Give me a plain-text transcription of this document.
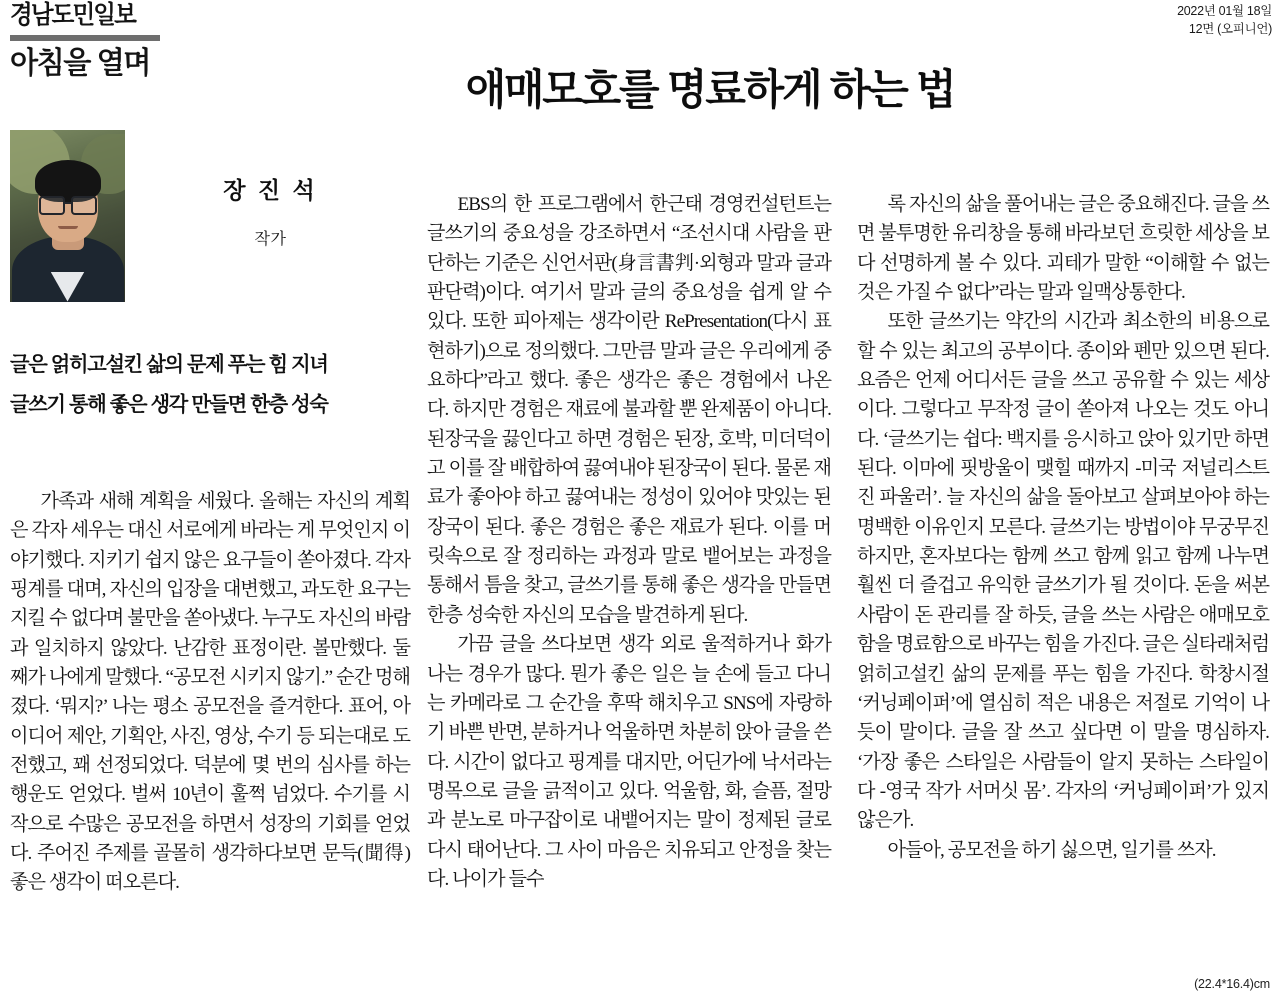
경남도민일보
아침을 열며
2022년 01월 18일
12면 (오피니언)
애매모호를 명료하게 하는 법
장 진 석
작가
글은 얽히고설킨 삶의 문제 푸는 힘 지녀
글쓰기 통해 좋은 생각 만들면 한층 성숙

가족과 새해 계획을 세웠다. 올해는 자신의 계획은 각자 세우는 대신 서로에게 바라는 게 무엇인지 이야기했다. 지키기 쉽지 않은 요구들이 쏟아졌다. 각자 핑계를 대며, 자신의 입장을 대변했고, 과도한 요구는 지킬 수 없다며 불만을 쏟아냈다. 누구도 자신의 바람과 일치하지 않았다. 난감한 표정이란. 볼만했다. 둘째가 나에게 말했다. “공모전 시키지 않기.” 순간 멍해졌다. ‘뭐지?’ 나는 평소 공모전을 즐겨한다. 표어, 아이디어 제안, 기획안, 사진, 영상, 수기 등 되는대로 도전했고, 꽤 선정되었다. 덕분에 몇 번의 심사를 하는 행운도 얻었다. 벌써 10년이 훌쩍 넘었다. 수기를 시작으로 수많은 공모전을 하면서 성장의 기회를 얻었다. 주어진 주제를 골몰히 생각하다보면 문득(聞得) 좋은 생각이 떠오른다.

EBS의 한 프로그램에서 한근태 경영컨설턴트는 글쓰기의 중요성을 강조하면서 “조선시대 사람을 판단하는 기준은 신언서판(身言書判·외형과 말과 글과 판단력)이다. 여기서 말과 글의 중요성을 쉽게 알 수 있다. 또한 피아제는 생각이란 RePresentation(다시 표현하기)으로 정의했다. 그만큼 말과 글은 우리에게 중요하다”라고 했다. 좋은 생각은 좋은 경험에서 나온다. 하지만 경험은 재료에 불과할 뿐 완제품이 아니다. 된장국을 끓인다고 하면 경험은 된장, 호박, 미더덕이고 이를 잘 배합하여 끓여내야 된장국이 된다. 물론 재료가 좋아야 하고 끓여내는 정성이 있어야 맛있는 된장국이 된다. 좋은 경험은 좋은 재료가 된다. 이를 머릿속으로 잘 정리하는 과정과 말로 뱉어보는 과정을 통해서 틈을 찾고, 글쓰기를 통해 좋은 생각을 만들면 한층 성숙한 자신의 모습을 발견하게 된다.

가끔 글을 쓰다보면 생각 외로 울적하거나 화가 나는 경우가 많다. 뭔가 좋은 일은 늘 손에 들고 다니는 카메라로 그 순간을 후딱 해치우고 SNS에 자랑하기 바쁜 반면, 분하거나 억울하면 차분히 앉아 글을 쓴다. 시간이 없다고 핑계를 대지만, 어딘가에 낙서라는 명목으로 글을 긁적이고 있다. 억울함, 화, 슬픔, 절망과 분노로 마구잡이로 내뱉어지는 말이 정제된 글로 다시 태어난다. 그 사이 마음은 치유되고 안정을 찾는다. 나이가 들수

록 자신의 삶을 풀어내는 글은 중요해진다. 글을 쓰면 불투명한 유리창을 통해 바라보던 흐릿한 세상을 보다 선명하게 볼 수 있다. 괴테가 말한 “이해할 수 없는 것은 가질 수 없다”라는 말과 일맥상통한다.

또한 글쓰기는 약간의 시간과 최소한의 비용으로 할 수 있는 최고의 공부이다. 종이와 펜만 있으면 된다. 요즘은 언제 어디서든 글을 쓰고 공유할 수 있는 세상이다. 그렇다고 무작정 글이 쏟아져 나오는 것도 아니다. ‘글쓰기는 쉽다: 백지를 응시하고 앉아 있기만 하면 된다. 이마에 핏방울이 맺힐 때까지 -미국 저널리스트 진 파울러’. 늘 자신의 삶을 돌아보고 살펴보아야 하는 명백한 이유인지 모른다. 글쓰기는 방법이야 무궁무진하지만, 혼자보다는 함께 쓰고 함께 읽고 함께 나누면 훨씬 더 즐겁고 유익한 글쓰기가 될 것이다. 돈을 써본 사람이 돈 관리를 잘 하듯, 글을 쓰는 사람은 애매모호함을 명료함으로 바꾸는 힘을 가진다. 글은 실타래처럼 얽히고설킨 삶의 문제를 푸는 힘을 가진다. 학창시절 ‘커닝페이퍼’에 열심히 적은 내용은 저절로 기억이 나듯이 말이다. 글을 잘 쓰고 싶다면 이 말을 명심하자. ‘가장 좋은 스타일은 사람들이 알지 못하는 스타일이다 -영국 작가 서머싯 몸’. 각자의 ‘커닝페이퍼’가 있지 않은가.

아들아, 공모전을 하기 싫으면, 일기를 쓰자.

(22.4*16.4)cm
